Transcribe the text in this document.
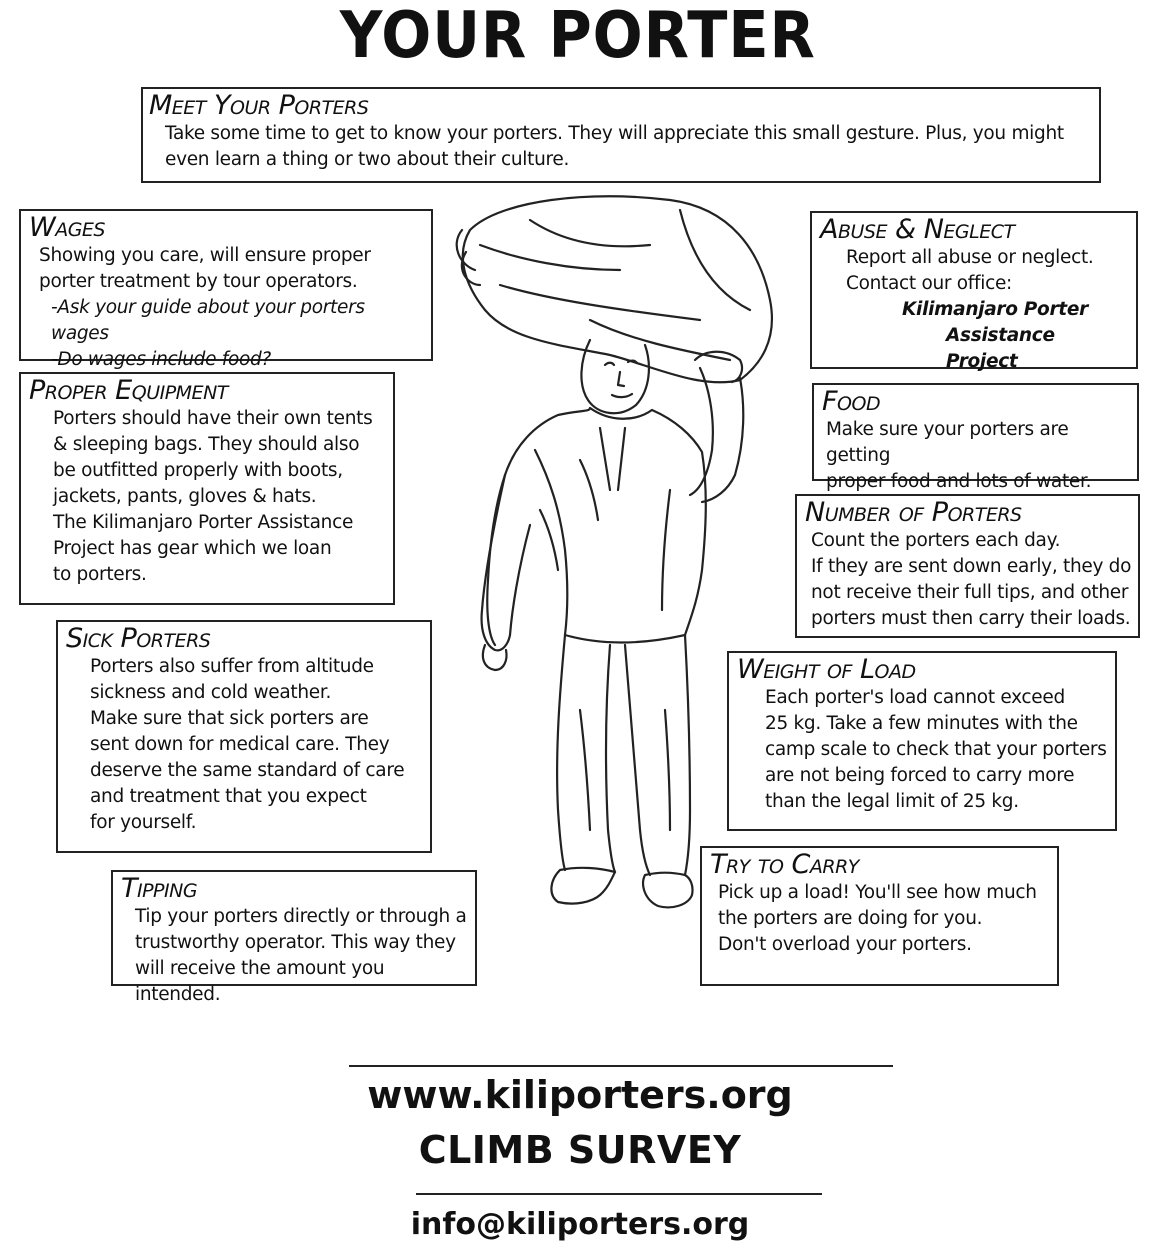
YOUR PORTER
Meet Your Porters

Take some time to get to know your porters. They will appreciate this small gesture. Plus, you might

even learn a thing or two about their culture.

Wages

Showing you care, will ensure proper

porter treatment by tour operators.

-Ask your guide about your porters wages

-Do wages include food?

Abuse & Neglect

Report all abuse or neglect.

Contact our office:

Kilimanjaro Porter

Assistance Project

Proper Equipment

Porters should have their own tents

& sleeping bags. They should also

be outfitted properly with boots,

jackets, pants, gloves & hats.

The Kilimanjaro Porter Assistance

Project has gear which we loan

to porters.

Food

Make sure your porters are getting

proper food and lots of water.

Number of Porters

Count the porters each day.

If they are sent down early, they do

not receive their full tips, and other

porters must then carry their loads.

Sick Porters

Porters also suffer from altitude

sickness and cold weather.

Make sure that sick porters are

sent down for medical care. They

deserve the same standard of care

and treatment that you expect

for yourself.

Weight of Load

Each porter's load cannot exceed

25 kg. Take a few minutes with the

camp scale to check that your porters

are not being forced to carry more

than the legal limit of 25 kg.

Tipping

Tip your porters directly or through a

trustworthy operator. This way they

will receive the amount you intended.

Try to Carry

Pick up a load! You'll see how much

the porters are doing for you.

Don't overload your porters.

www.kiliporters.org
CLIMB SURVEY
info@kiliporters.org
